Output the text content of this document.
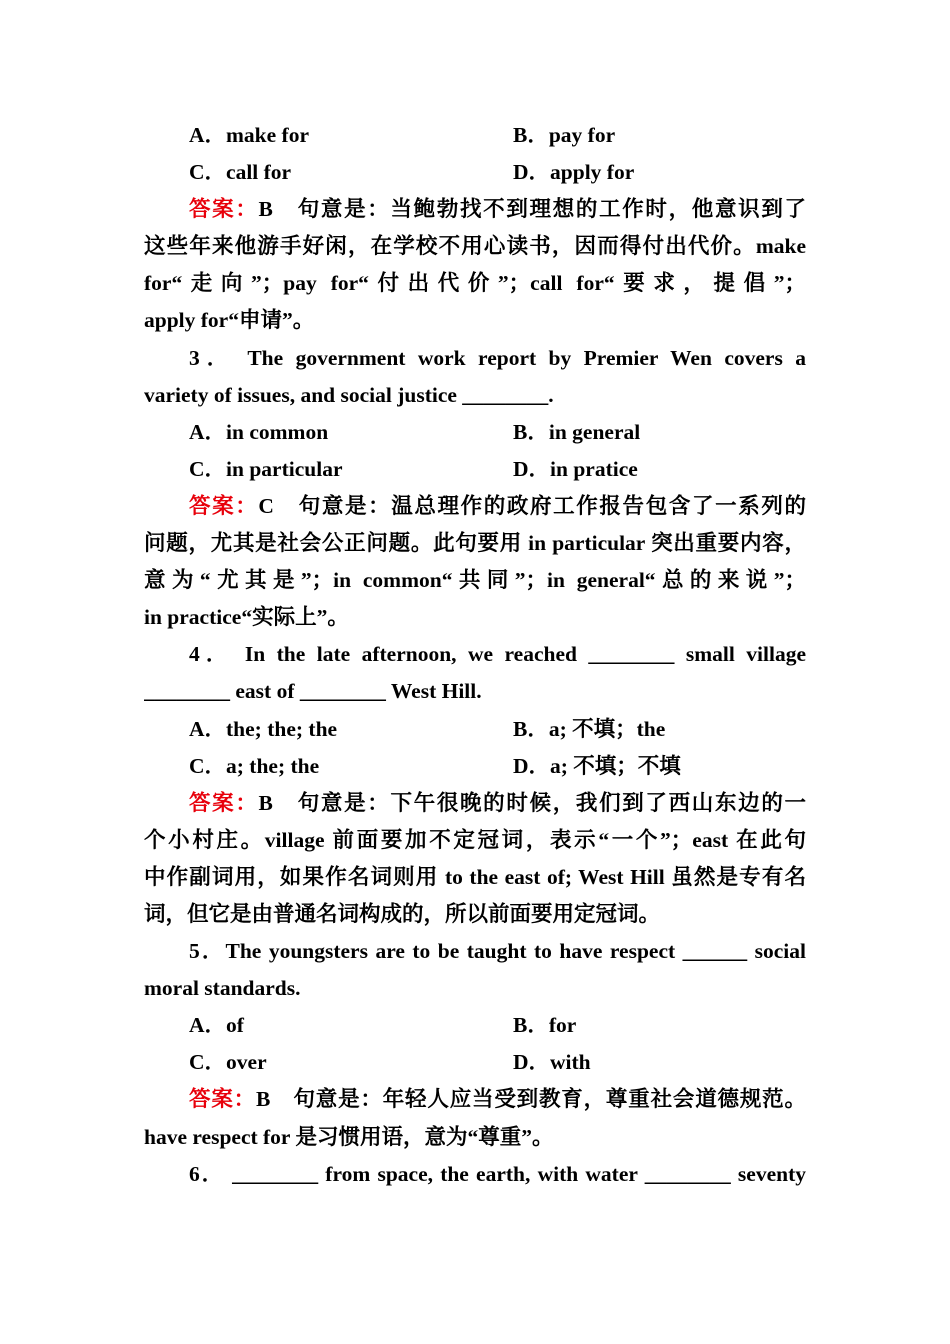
A．make for	B．pay for
C．call for	D．apply for
答案：B　句意是：当鲍勃找不到理想的工作时，他意识到了
这些年来他游手好闲，在学校不用心读书，因而得付出代价。make
for“走向”；pay for“付出代价”；call for“要求，提倡”；
apply for“申请”。
3． The government work report by Premier Wen covers a
variety of issues, and social justice ________.
A．in common	B．in general
C．in particular	D．in pratice
答案：C　句意是：温总理作的政府工作报告包含了一系列的
问题，尤其是社会公正问题。此句要用 in particular 突出重要内容，
意为“尤其是”；in common“共同”；in general“总的来说”；
in practice“实际上”。
4． In the late afternoon, we reached ________ small village
________ east of ________ West Hill.
A．the; the; the	B．a; 不填；the
C．a; the; the	D．a; 不填；不填
答案：B　句意是：下午很晚的时候，我们到了西山东边的一
个小村庄。village 前面要加不定冠词，表示“一个”；east 在此句
中作副词用，如果作名词则用 to the east of; West Hill 虽然是专有名
词，但它是由普通名词构成的，所以前面要用定冠词。
5．The youngsters are to be taught to have respect ______ social
moral standards.
A．of	B．for
C．over	D．with
答案：B　句意是：年轻人应当受到教育，尊重社会道德规范。
have respect for 是习惯用语，意为“尊重”。
6． ________ from space, the earth, with water ________ seventy
